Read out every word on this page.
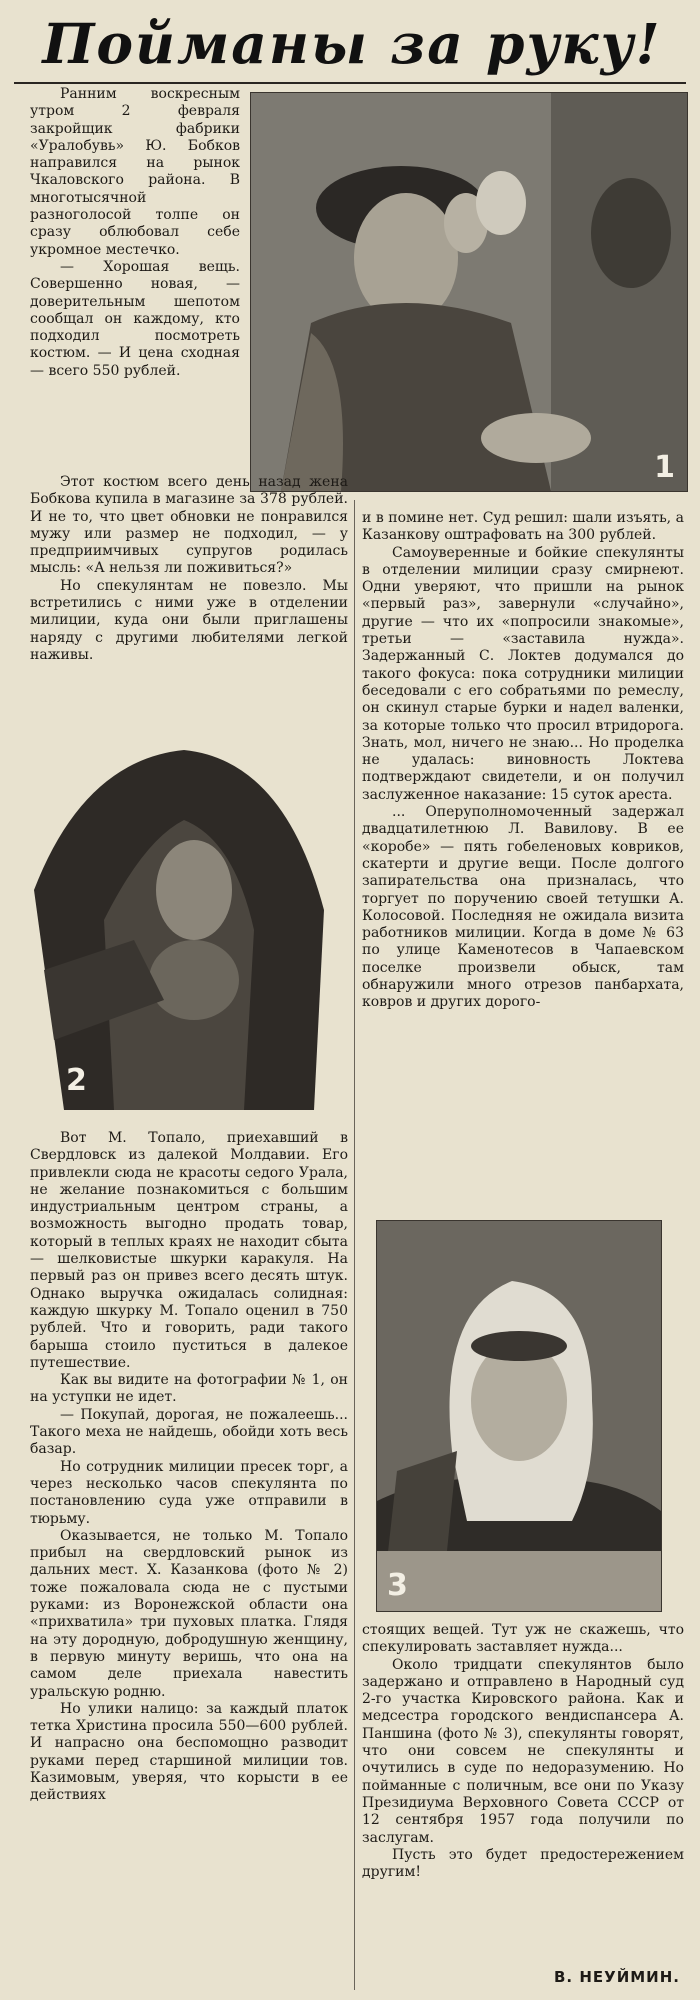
Пойманы за руку!

Ранним воскресным утром 2 февраля закройщик фабрики «Уралобувь» Ю. Бобков направился на рынок Чкаловского района. В многотысячной разноголосой толпе он сразу облюбовал себе укромное местечко.

— Хорошая вещь. Совершенно новая, — доверительным шепотом сообщал он каждому, кто подходил посмотреть костюм. — И цена сходная — всего 550 рублей.

1

Этот костюм всего день назад жена Бобкова купила в магазине за 378 рублей. И не то, что цвет обновки не понравился мужу или размер не подходил, — у предприимчивых супругов родилась мысль: «А нельзя ли поживиться?»

Но спекулянтам не повезло. Мы встретились с ними уже в отделении милиции, куда они были приглашены наряду с другими любителями легкой наживы.

2

Вот М. Топало, приехавший в Свердловск из далекой Молдавии. Его привлекли сюда не красоты седого Урала, не желание познакомиться с большим индустриальным центром страны, а возможность выгодно продать товар, который в теплых краях не находит сбыта — шелковистые шкурки каракуля. На первый раз он привез всего десять штук. Однако выручка ожидалась солидная: каждую шкурку М. Топало оценил в 750 рублей. Что и говорить, ради такого барыша стоило пуститься в далекое путешествие.

Как вы видите на фотографии № 1, он на уступки не идет.

— Покупай, дорогая, не пожалеешь... Такого меха не найдешь, обойди хоть весь базар.

Но сотрудник милиции пресек торг, а через несколько часов спекулянта по постановлению суда уже отправили в тюрьму.

Оказывается, не только М. Топало прибыл на свердловский рынок из дальних мест. Х. Казанкова (фото № 2) тоже пожаловала сюда не с пустыми руками: из Воронежской области она «прихватила» три пуховых платка. Глядя на эту дородную, добродушную женщину, в первую минуту веришь, что она на самом деле приехала навестить уральскую родню.

Но улики налицо: за каждый платок тетка Христина просила 550—600 рублей. И напрасно она беспомощно разводит руками перед старшиной милиции тов. Казимовым, уверяя, что корысти в ее действиях

и в помине нет. Суд решил: шали изъять, а Казанкову оштрафовать на 300 рублей.

Самоуверенные и бойкие спекулянты в отделении милиции сразу смирнеют. Одни уверяют, что пришли на рынок «первый раз», завернули «случайно», другие — что их «попросили знакомые», третьи — «заставила нужда». Задержанный С. Локтев додумался до такого фокуса: пока сотрудники милиции беседовали с его собратьями по ремеслу, он скинул старые бурки и надел валенки, за которые только что просил втридорога. Знать, мол, ничего не знаю... Но проделка не удалась: виновность Локтева подтверждают свидетели, и он получил заслуженное наказание: 15 суток ареста.

... Оперуполномоченный задержал двадцатилетнюю Л. Вавилову. В ее «коробе» — пять гобеленовых ковриков, скатерти и другие вещи. После долгого запирательства она призналась, что торгует по поручению своей тетушки А. Колосовой. Последняя не ожидала визита работников милиции. Когда в доме № 63 по улице Каменотесов в Чапаевском поселке произвели обыск, там обнаружили много отрезов панбархата, ковров и других дорого-

3

стоящих вещей. Тут уж не скажешь, что спекулировать заставляет нужда...

Около тридцати спекулянтов было задержано и отправлено в Народный суд 2-го участка Кировского района. Как и медсестра городского вендиспансера А. Паншина (фото № 3), спекулянты говорят, что они совсем не спекулянты и очутились в суде по недоразумению. Но пойманные с поличным, все они по Указу Президиума Верховного Совета СССР от 12 сентября 1957 года получили по заслугам.

Пусть это будет предостережением другим!

В. НЕУЙМИН.
